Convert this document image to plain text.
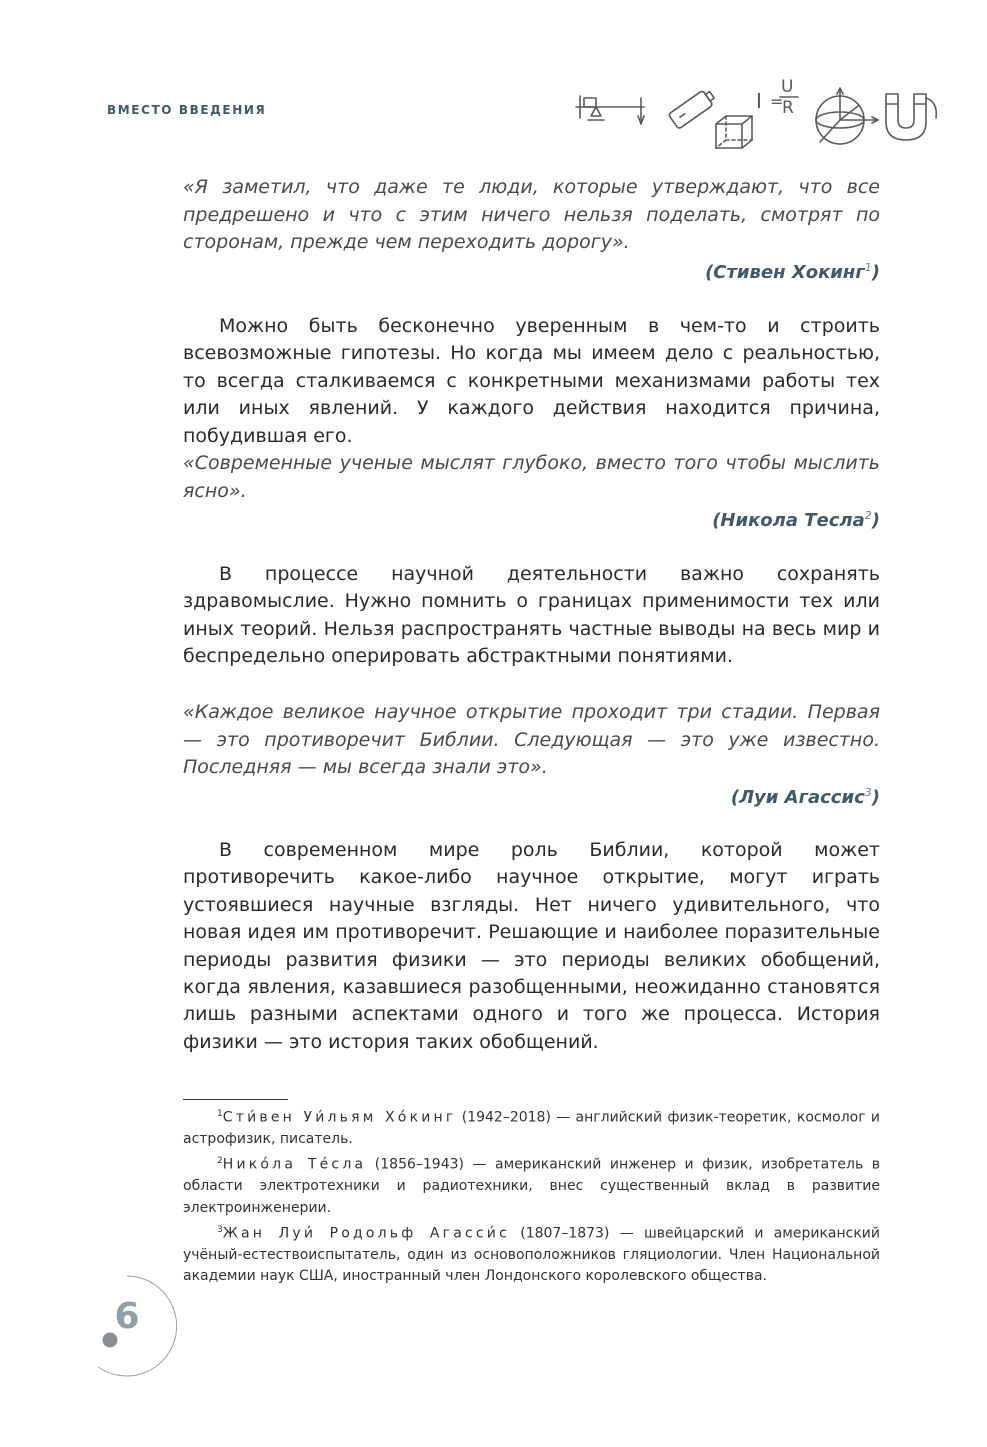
ВМЕСТО ВВЕДЕНИЯ	I =
U
R

«Я заметил, что даже те люди, которые утверждают, что все предрешено и что с этим ничего нельзя поделать, смотрят по сторонам, прежде чем переходить дорогу».

(Стивен Хокинг$^1$)

Можно быть бесконечно уверенным в чем-то и строить всевозможные гипотезы. Но когда мы имеем дело с реальностью, то всегда сталкиваемся с конкретными механизмами работы тех или иных явлений. У каждого действия находится причина, побудившая его.

«Современные ученые мыслят глубоко, вместо того чтобы мыслить ясно».

(Никола Тесла$^2$)

В процессе научной деятельности важно сохранять здравомыслие. Нужно помнить о границах применимости тех или иных теорий. Нельзя распространять частные выводы на весь мир и беспредельно оперировать абстрактными понятиями.

«Каждое великое научное открытие проходит три стадии. Первая — это противоречит Библии. Следующая — это уже известно. Последняя — мы всегда знали это».

(Луи Агассис$^3$)

В современном мире роль Библии, которой может противоречить какое-либо научное открытие, могут играть устоявшиеся научные взгляды. Нет ничего удивительного, что новая идея им противоречит. Решающие и наиболее поразительные периоды развития физики — это периоды великих обобщений, когда явления, казавшиеся разобщенными, неожиданно становятся лишь разными аспектами одного и того же процесса. История физики — это история таких обобщений.

$^1$Сти́вен Уи́льям Хо́кинг (1942–2018) — английский физик-теоретик, космолог и астрофизик, писатель.

$^2$Нико́ла Те́сла (1856–1943) — американский инженер и физик, изобретатель в области электротехники и радиотехники, внес существенный вклад в развитие электроинженерии.

$^3$Жан Луи́ Родольф Агасси́с (1807–1873) — швейцарский и американский учёный-естествоиспытатель, один из основоположников гляциологии. Член Национальной академии наук США, иностранный член Лондонского королевского общества.

6
